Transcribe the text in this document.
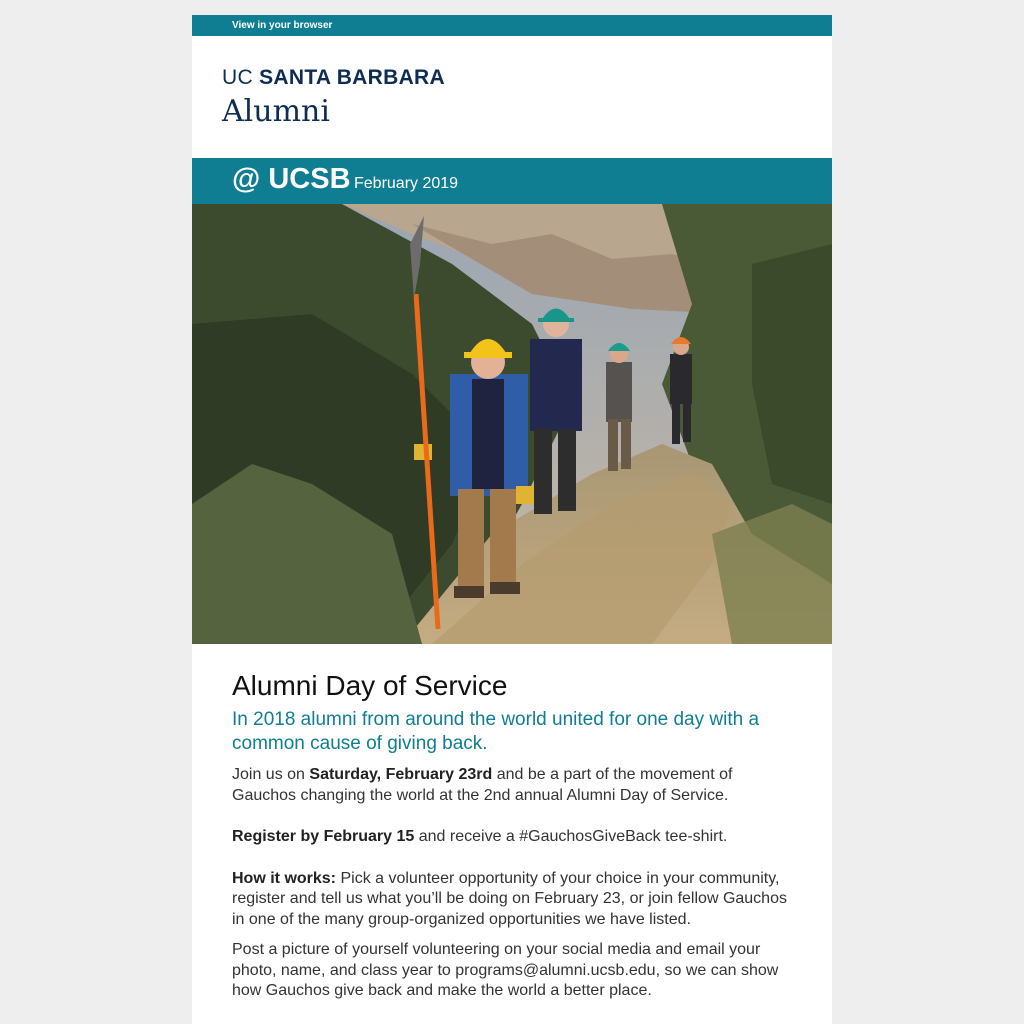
View in your browser
UC SANTA BARBARA
Alumni
@ UCSB February 2019
Alumni Day of Service

In 2018 alumni from around the world united for one day with a common cause of giving back.

Join us on Saturday, February 23rd and be a part of the movement of Gauchos changing the world at the 2nd annual Alumni Day of Service.

Register by February 15 and receive a #GauchosGiveBack tee-shirt.

How it works: Pick a volunteer opportunity of your choice in your community, register and tell us what you’ll be doing on February 23, or join fellow Gauchos in one of the many group-organized opportunities we have listed.

Post a picture of yourself volunteering on your social media and email your photo, name, and class year to programs@alumni.ucsb.edu, so we can show how Gauchos give back and make the world a better place.
